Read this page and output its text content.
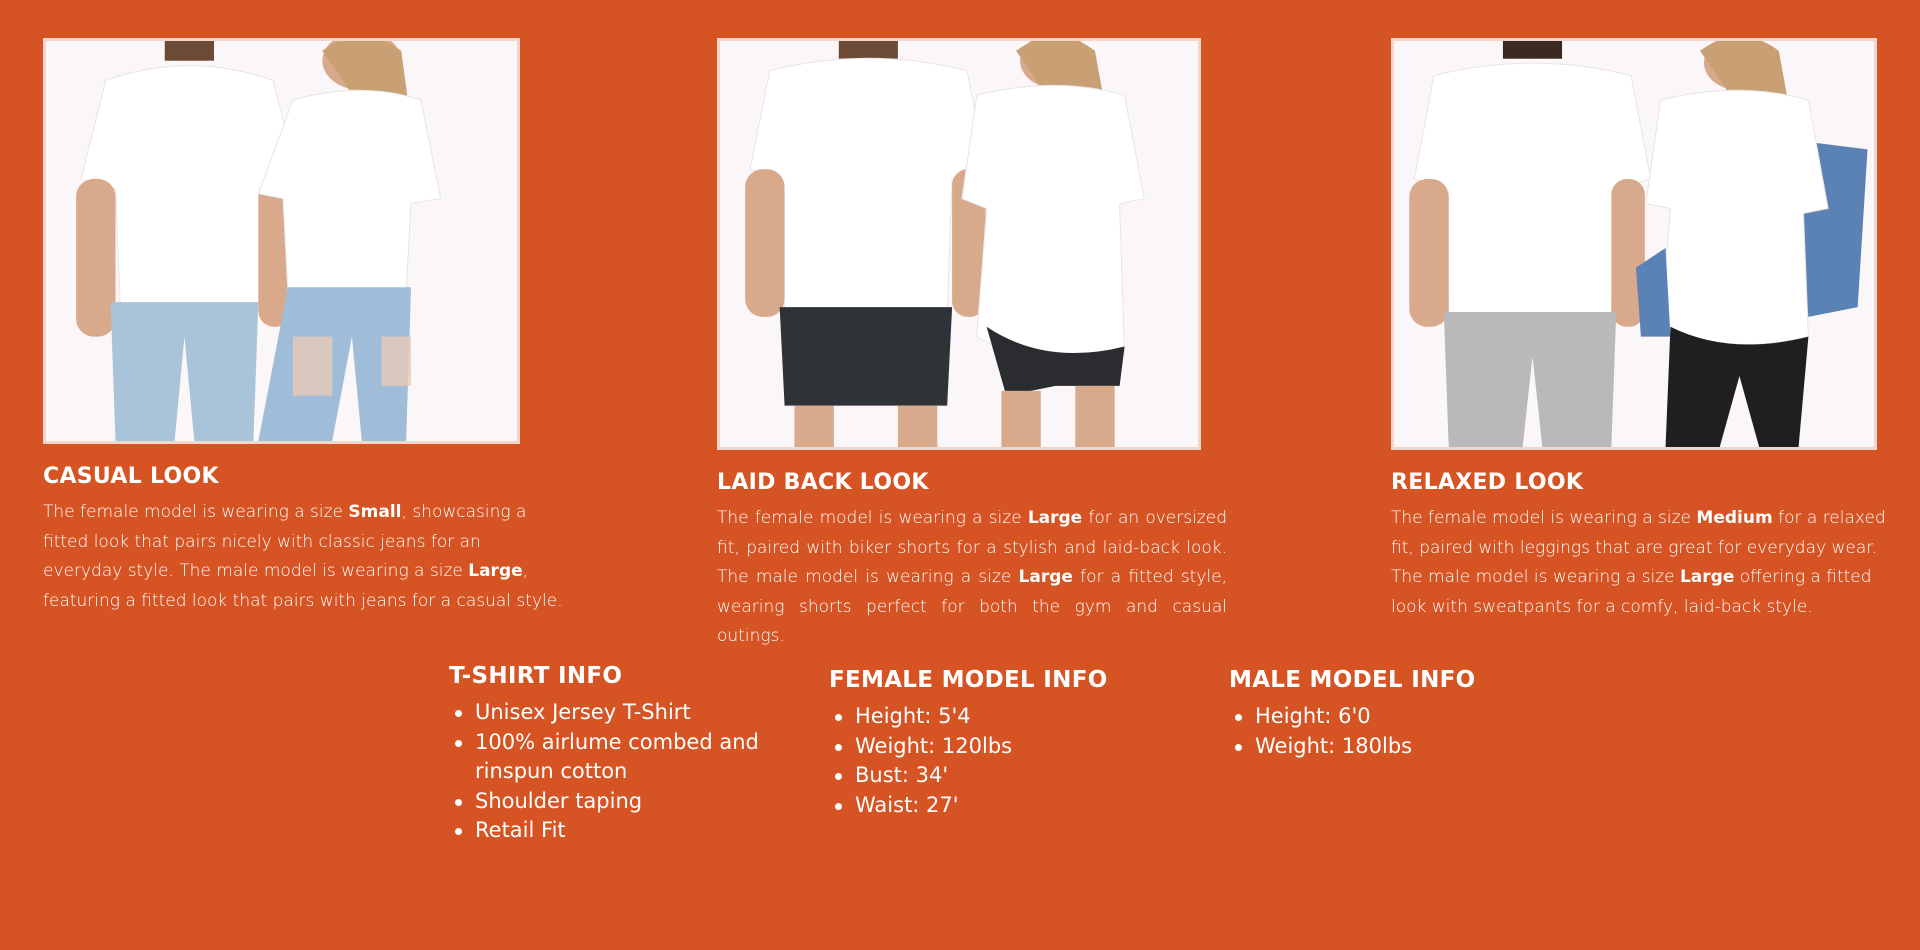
CASUAL LOOK

The female model is wearing a size Small, showcasing a fitted look that pairs nicely with classic jeans for an everyday style. The male model is wearing a size Large, featuring a fitted look that pairs with jeans for a casual style.

LAID BACK LOOK

The female model is wearing a size Large for an oversized fit, paired with biker shorts for a stylish and laid-back look. The male model is wearing a size Large for a fitted style, wearing shorts perfect for both the gym and casual outings.

RELAXED LOOK

The female model is wearing a size Medium for a relaxed fit, paired with leggings that are great for everyday wear. The male model is wearing a size Large offering a fitted look with sweatpants for a comfy, laid-back style.

T-SHIRT INFO
Unisex Jersey T-Shirt
100% airlume combed and rinspun cotton
Shoulder taping
Retail Fit
FEMALE MODEL INFO
Height: 5'4
Weight: 120lbs
Bust: 34'
Waist: 27'
MALE MODEL INFO
Height: 6'0
Weight: 180lbs
